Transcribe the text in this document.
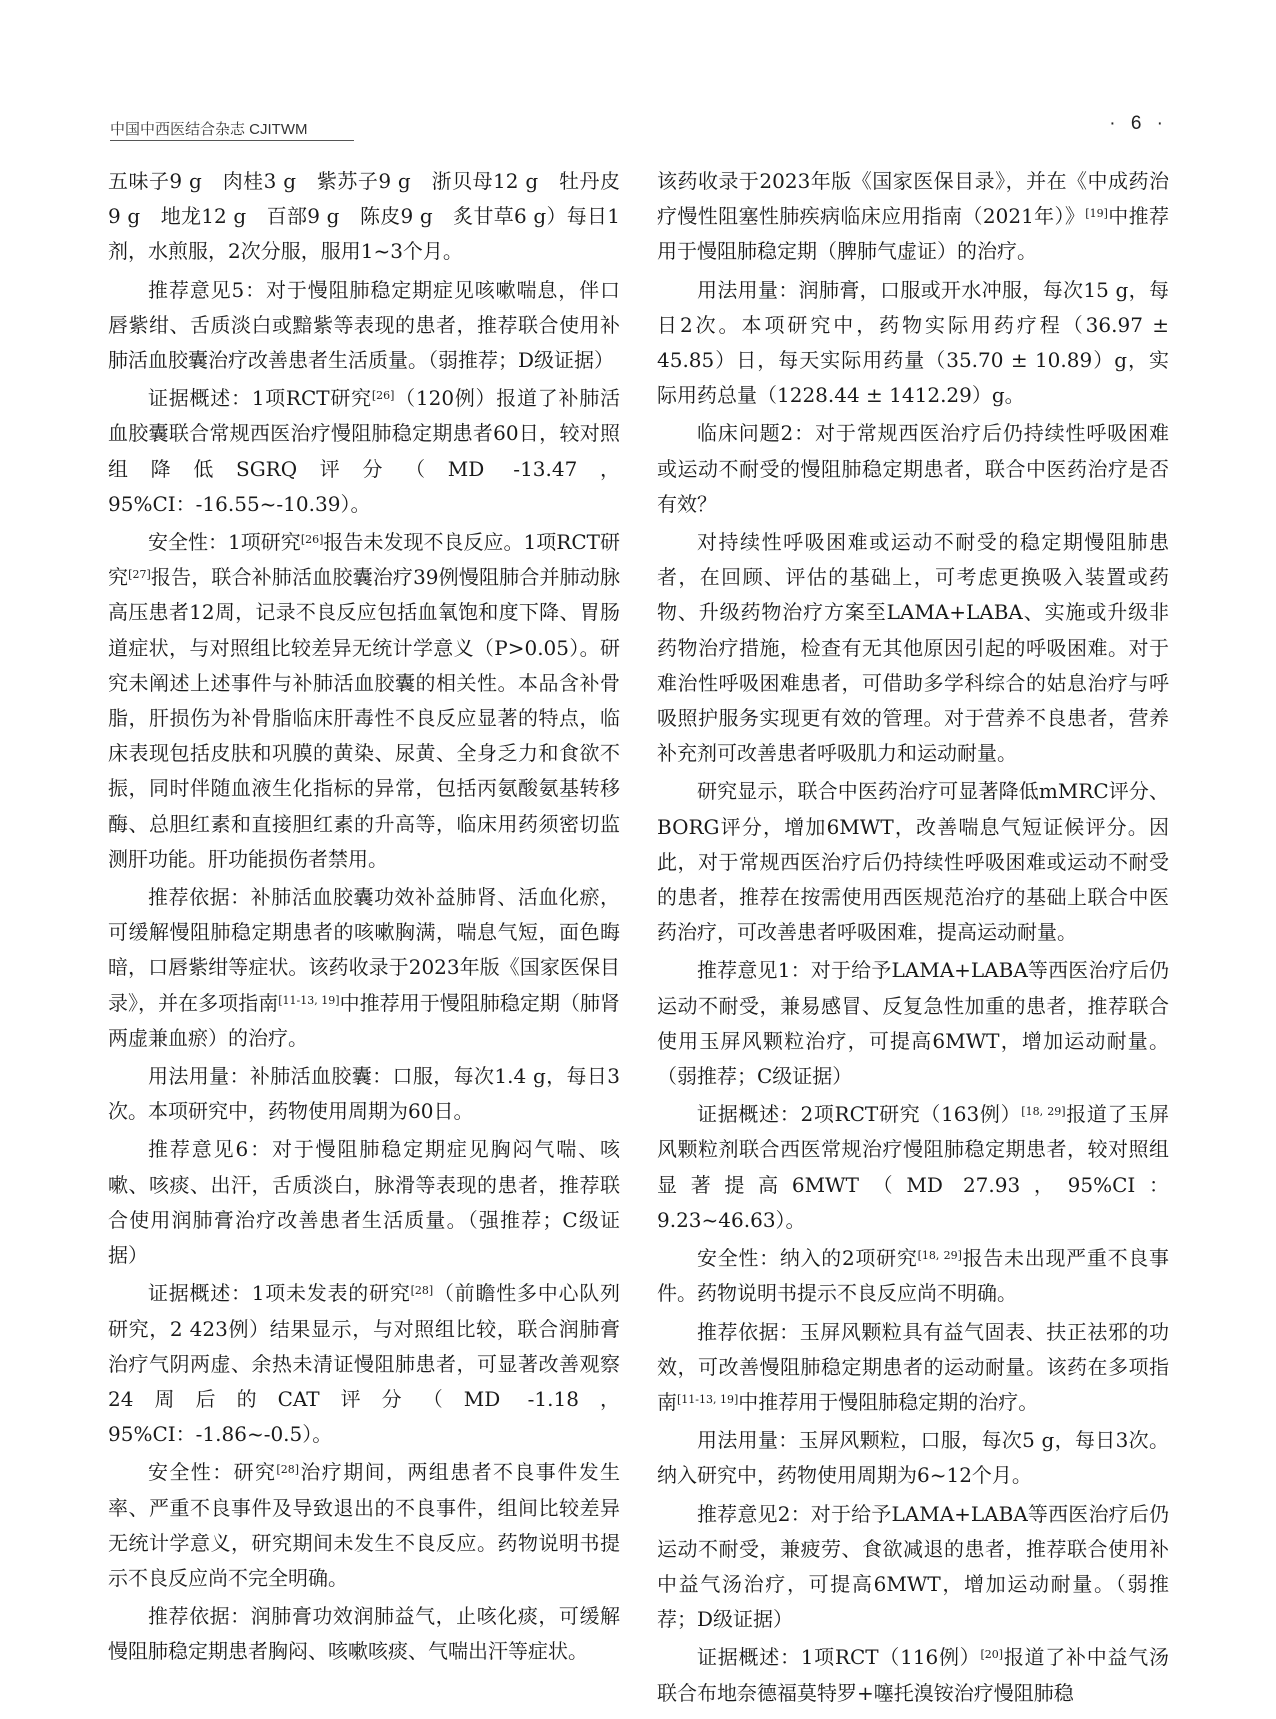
中国中西医结合杂志 CJITWM	· 6 ·

五味子9 g　肉桂3 g　紫苏子9 g　浙贝母12 g　牡丹皮9 g　地龙12 g　百部9 g　陈皮9 g　炙甘草6 g）每日1剂，水煎服，2次分服，服用1~3个月。

推荐意见5：对于慢阻肺稳定期症见咳嗽喘息，伴口唇紫绀、舌质淡白或黯紫等表现的患者，推荐联合使用补肺活血胶囊治疗改善患者生活质量。（弱推荐；D级证据）

证据概述：1项RCT研究[26]（120例）报道了补肺活血胶囊联合常规西医治疗慢阻肺稳定期患者60日，较对照组降低SGRQ评分（MD -13.47，95%CI：-16.55~-10.39）。

安全性：1项研究[26]报告未发现不良反应。1项RCT研究[27]报告，联合补肺活血胶囊治疗39例慢阻肺合并肺动脉高压患者12周，记录不良反应包括血氧饱和度下降、胃肠道症状，与对照组比较差异无统计学意义（P>0.05）。研究未阐述上述事件与补肺活血胶囊的相关性。本品含补骨脂，肝损伤为补骨脂临床肝毒性不良反应显著的特点，临床表现包括皮肤和巩膜的黄染、尿黄、全身乏力和食欲不振，同时伴随血液生化指标的异常，包括丙氨酸氨基转移酶、总胆红素和直接胆红素的升高等，临床用药须密切监测肝功能。肝功能损伤者禁用。

推荐依据：补肺活血胶囊功效补益肺肾、活血化瘀，可缓解慢阻肺稳定期患者的咳嗽胸满，喘息气短，面色晦暗，口唇紫绀等症状。该药收录于2023年版《国家医保目录》，并在多项指南[11-13, 19]中推荐用于慢阻肺稳定期（肺肾两虚兼血瘀）的治疗。

用法用量：补肺活血胶囊：口服，每次1.4 g，每日3次。本项研究中，药物使用周期为60日。

推荐意见6：对于慢阻肺稳定期症见胸闷气喘、咳嗽、咳痰、出汗，舌质淡白，脉滑等表现的患者，推荐联合使用润肺膏治疗改善患者生活质量。（强推荐；C级证据）

证据概述：1项未发表的研究[28]（前瞻性多中心队列研究，2 423例）结果显示，与对照组比较，联合润肺膏治疗气阴两虚、余热未清证慢阻肺患者，可显著改善观察24周后的CAT评分（MD -1.18，95%CI：-1.86~-0.5）。

安全性：研究[28]治疗期间，两组患者不良事件发生率、严重不良事件及导致退出的不良事件，组间比较差异无统计学意义，研究期间未发生不良反应。药物说明书提示不良反应尚不完全明确。

推荐依据：润肺膏功效润肺益气，止咳化痰，可缓解慢阻肺稳定期患者胸闷、咳嗽咳痰、气喘出汗等症状。

该药收录于2023年版《国家医保目录》，并在《中成药治疗慢性阻塞性肺疾病临床应用指南（2021年）》[19]中推荐用于慢阻肺稳定期（脾肺气虚证）的治疗。

用法用量：润肺膏，口服或开水冲服，每次15 g，每日2次。本项研究中，药物实际用药疗程（36.97 ± 45.85）日，每天实际用药量（35.70 ± 10.89）g，实际用药总量（1228.44 ± 1412.29）g。

临床问题2：对于常规西医治疗后仍持续性呼吸困难或运动不耐受的慢阻肺稳定期患者，联合中医药治疗是否有效？

对持续性呼吸困难或运动不耐受的稳定期慢阻肺患者，在回顾、评估的基础上，可考虑更换吸入装置或药物、升级药物治疗方案至LAMA+LABA、实施或升级非药物治疗措施，检查有无其他原因引起的呼吸困难。对于难治性呼吸困难患者，可借助多学科综合的姑息治疗与呼吸照护服务实现更有效的管理。对于营养不良患者，营养补充剂可改善患者呼吸肌力和运动耐量。

研究显示，联合中医药治疗可显著降低mMRC评分、BORG评分，增加6MWT，改善喘息气短证候评分。因此，对于常规西医治疗后仍持续性呼吸困难或运动不耐受的患者，推荐在按需使用西医规范治疗的基础上联合中医药治疗，可改善患者呼吸困难，提高运动耐量。

推荐意见1：对于给予LAMA+LABA等西医治疗后仍运动不耐受，兼易感冒、反复急性加重的患者，推荐联合使用玉屏风颗粒治疗，可提高6MWT，增加运动耐量。（弱推荐；C级证据）

证据概述：2项RCT研究（163例）[18, 29]报道了玉屏风颗粒剂联合西医常规治疗慢阻肺稳定期患者，较对照组显著提高6MWT（MD 27.93，95%CI：9.23~46.63）。

安全性：纳入的2项研究[18, 29]报告未出现严重不良事件。药物说明书提示不良反应尚不明确。

推荐依据：玉屏风颗粒具有益气固表、扶正祛邪的功效，可改善慢阻肺稳定期患者的运动耐量。该药在多项指南[11-13, 19]中推荐用于慢阻肺稳定期的治疗。

用法用量：玉屏风颗粒，口服，每次5 g，每日3次。纳入研究中，药物使用周期为6~12个月。

推荐意见2：对于给予LAMA+LABA等西医治疗后仍运动不耐受，兼疲劳、食欲减退的患者，推荐联合使用补中益气汤治疗，可提高6MWT，增加运动耐量。（弱推荐；D级证据）

证据概述：1项RCT（116例）[20]报道了补中益气汤联合布地奈德福莫特罗+噻托溴铵治疗慢阻肺稳
